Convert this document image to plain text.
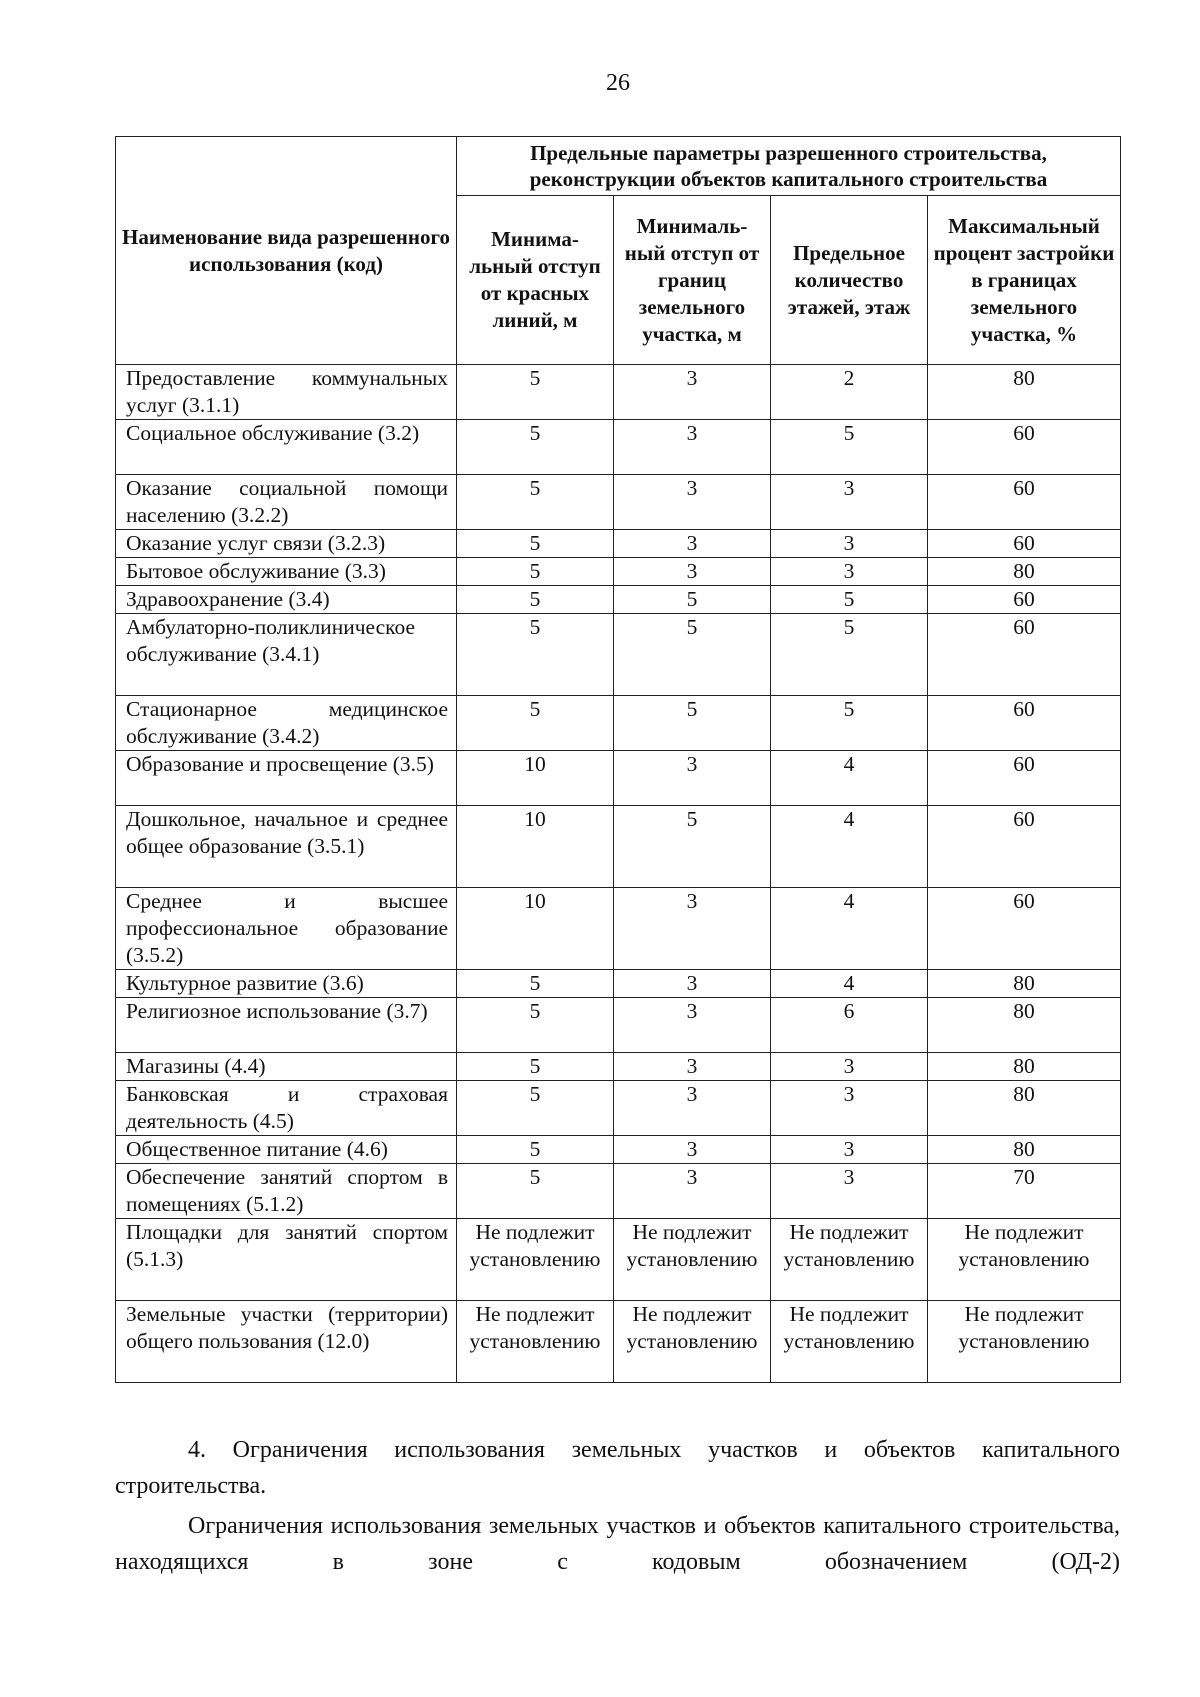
26
Наименование вида разрешенного использования (код)	Предельные параметры разрешенного строительства, реконструкции объектов капитального строительства			
	Минима-льный отступ от красных линий, м	Минималь-ный отступ от границ земельного участка, м	Предельное количество этажей, этаж	Максимальный процент застройки в границах земельного участка, %
Предоставление коммунальных услуг (3.1.1)	5	3	2	80
Социальное обслуживание (3.2)	5	3	5	60
Оказание социальной помощи населению (3.2.2)	5	3	3	60
Оказание услуг связи (3.2.3)	5	3	3	60
Бытовое обслуживание (3.3)	5	3	3	80
Здравоохранение (3.4)	5	5	5	60
Амбулаторно-поликлиническое обслуживание (3.4.1)	5	5	5	60
Стационарное медицинское обслуживание (3.4.2)	5	5	5	60
Образование и просвещение (3.5)	10	3	4	60
Дошкольное, начальное и среднее общее образование (3.5.1)	10	5	4	60
Среднее и высшее профессиональное образование (3.5.2)	10	3	4	60
Культурное развитие (3.6)	5	3	4	80
Религиозное использование (3.7)	5	3	6	80
Магазины (4.4)	5	3	3	80
Банковская и страховая деятельность (4.5)	5	3	3	80
Общественное питание (4.6)	5	3	3	80
Обеспечение занятий спортом в помещениях (5.1.2)	5	3	3	70
Площадки для занятий спортом (5.1.3)	Не подлежит установлению	Не подлежит установлению	Не подлежит установлению	Не подлежит установлению
Земельные участки (территории) общего пользования (12.0)	Не подлежит установлению	Не подлежит установлению	Не подлежит установлению	Не подлежит установлению
4. Ограничения использования земельных участков и объектов капитального строительства.
Ограничения использования земельных участков и объектов капитального строительства, находящихся в зоне с кодовым обозначением (ОД-2)
